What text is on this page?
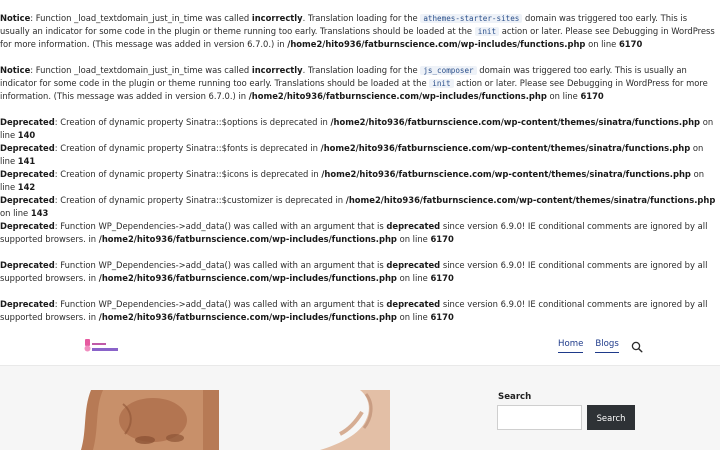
Notice: Function _load_textdomain_just_in_time was called incorrectly. Translation loading for the athemes-starter-sites domain was triggered too early. This is usually an indicator for some code in the plugin or theme running too early. Translations should be loaded at the init action or later. Please see Debugging in WordPress for more information. (This message was added in version 6.7.0.) in /home2/hito936/fatburnscience.com/wp-includes/functions.php on line 6170

Notice: Function _load_textdomain_just_in_time was called incorrectly. Translation loading for the js_composer domain was triggered too early. This is usually an indicator for some code in the plugin or theme running too early. Translations should be loaded at the init action or later. Please see Debugging in WordPress for more information. (This message was added in version 6.7.0.) in /home2/hito936/fatburnscience.com/wp-includes/functions.php on line 6170

Deprecated: Creation of dynamic property Sinatra::$options is deprecated in /home2/hito936/fatburnscience.com/wp-content/themes/sinatra/functions.php on line 140

Deprecated: Creation of dynamic property Sinatra::$fonts is deprecated in /home2/hito936/fatburnscience.com/wp-content/themes/sinatra/functions.php on line 141

Deprecated: Creation of dynamic property Sinatra::$icons is deprecated in /home2/hito936/fatburnscience.com/wp-content/themes/sinatra/functions.php on line 142

Deprecated: Creation of dynamic property Sinatra::$customizer is deprecated in /home2/hito936/fatburnscience.com/wp-content/themes/sinatra/functions.php on line 143

Deprecated: Function WP_Dependencies->add_data() was called with an argument that is deprecated since version 6.9.0! IE conditional comments are ignored by all supported browsers. in /home2/hito936/fatburnscience.com/wp-includes/functions.php on line 6170

Deprecated: Function WP_Dependencies->add_data() was called with an argument that is deprecated since version 6.9.0! IE conditional comments are ignored by all supported browsers. in /home2/hito936/fatburnscience.com/wp-includes/functions.php on line 6170

Deprecated: Function WP_Dependencies->add_data() was called with an argument that is deprecated since version 6.9.0! IE conditional comments are ignored by all supported browsers. in /home2/hito936/fatburnscience.com/wp-includes/functions.php on line 6170

Home Blogs
Search
Search
